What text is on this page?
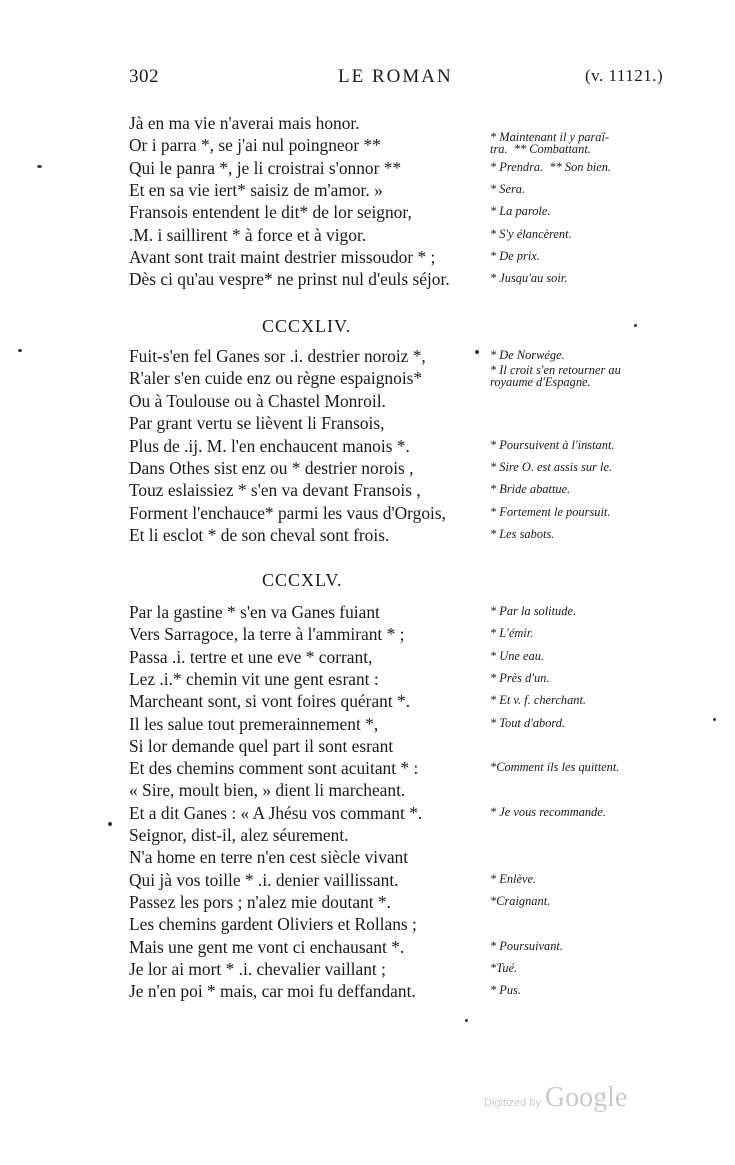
302	LE ROMAN	(v. 11121.)
Jà en ma vie n'averai mais honor.
Or i parra *, se j'ai nul poingneor **	* Maintenant il y paraî-
tra.  ** Combattant.
Qui le panra *, je li croistrai s'onnor **	* Prendra.  ** Son bien.
Et en sa vie iert* saisiz de m'amor. »	* Sera.
Fransois entendent le dit* de lor seignor,	* La parole.
.M. i saillirent * à force et à vigor.	* S'y élancèrent.
Avant sont trait maint destrier missoudor * ;	* De prix.
Dès ci qu'au vespre* ne prinst nul d'euls séjor.	* Jusqu'au soir.
CCCXLIV.
Fuit-s'en fel Ganes sor .i. destrier noroiz *,	* De Norwége.
R'aler s'en cuide enz ou règne espaignois*	* Il croit s'en retourner au
royaume d'Espagne.
Ou à Toulouse ou à Chastel Monroil.
Par grant vertu se lièvent li Fransois,
Plus de .ij. M. l'en enchaucent manois *.	* Poursuivent à l'instant.
Dans Othes sist enz ou * destrier norois ,	* Sire O. est assis sur le.
Touz eslaissiez * s'en va devant Fransois ,	* Bride abattue.
Forment l'enchauce* parmi les vaus d'Orgois,	* Fortement le poursuit.
Et li esclot * de son cheval sont frois.	* Les sabots.
CCCXLV.
Par la gastine * s'en va Ganes fuiant	* Par la solitude.
Vers Sarragoce, la terre à l'ammirant * ;	* L'émir.
Passa .i. tertre et une eve * corrant,	* Une eau.
Lez .i.* chemin vit une gent esrant :	* Près d'un.
Marcheant sont, si vont foires quérant *.	* Et v. f. cherchant.
Il les salue tout premerainnement *,	* Tout d'abord.
Si lor demande quel part il sont esrant
Et des chemins comment sont acuitant * :	*Comment ils les quittent.
« Sire, moult bien, » dient li marcheant.
Et a dit Ganes : « A Jhésu vos commant *.	* Je vous recommande.
Seignor, dist-il, alez séurement.
N'a home en terre n'en cest siècle vivant
Qui jà vos toille * .i. denier vaillissant.	* Enlève.
Passez les pors ; n'alez mie doutant *.	*Craignant.
Les chemins gardent Oliviers et Rollans ;
Mais une gent me vont ci enchausant *.	* Poursuivant.
Je lor ai mort * .i. chevalier vaillant ;	*Tué.
Je n'en poi * mais, car moi fu deffandant.	* Pus.
Digitized by Google
